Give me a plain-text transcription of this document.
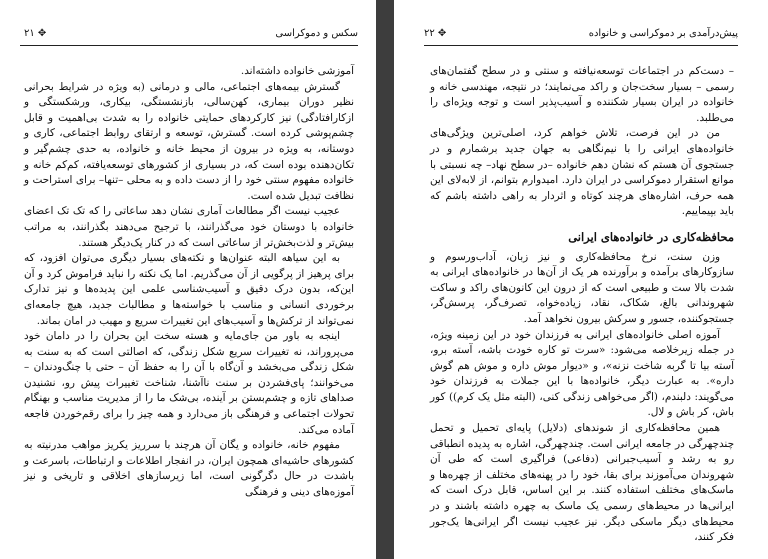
سکس و دموکراسی
✥ ۲۱

آموزشی خانواده داشته‌اند.

گسترش بیمه‌های اجتماعی، مالی و درمانی (به ویژه در شرایط بحرانی نظیر دوران بیماری، کهن‌سالی، بازنشستگی، بیکاری، ورشکستگی و ازکارافتادگی) نیز کارکردهای حمایتی خانواده را به شدت بی‌اهمیت و قابل چشم‌پوشی کرده است. گسترش، توسعه و ارتقای روابط اجتماعی، کاری و دوستانه، به ویژه در بیرون از محیط خانه و خانواده، به حدی چشم‌گیر و تکان‌دهنده بوده است که، در بسیاری از کشورهای توسعه‌یافته، کم‌کم خانه و خانواده مفهوم سنتی خود را از دست داده و به محلی –تنها– برای استراحت و نظافت تبدیل شده است.

عجیب نیست اگر مطالعات آماری نشان دهد ساعاتی را که تک تک اعضای خانواده با دوستان خود می‌گذرانند، با ترجیح می‌دهند بگذرانند، به مراتب بیش‌تر و لذت‌بخش‌تر از ساعاتی است که در کنار یک‌دیگر هستند.

به این سیاهه البته عنوان‌ها و نکته‌های بسیار دیگری می‌توان افزود، که برای پرهیز از پرگویی از آن می‌گذریم. اما یک نکته را نباید فراموش کرد و آن این‌که، بدون درک دقیق و آسیب‌شناسی علمی این پدیده‌ها و نیز تدارک برخوردی انسانی و مناسب با خواسته‌ها و مطالبات جدید، هیچ جامعه‌ای نمی‌تواند از ترکش‌ها و آسیب‌های این تغییرات سریع و مهیب در امان بماند.

اینجه به باور من جای‌مایه و هسته سخت این بحران را در دامان خود می‌پروراند، نه تغییرات سریع شکل زندگی، که اصالتی است که به سنت به شکل زندگی می‌بخشد و آن‌گاه با آن را به حفظ آن – حتی با چنگ‌ودندان – می‌خوانند؛ پای‌فشردن بر سنت ناآشنا، شناخت تغییرات پیش رو، نشنیدن صداهای تازه و چشم‌بستن بر آینده، بی‌شک ما را از مدیریت مناسب و بهنگام تحولات اجتماعی و فرهنگی باز می‌دارد و همه چیز را برای رقم‌خوردن فاجعه آماده می‌کند.

مفهوم خانه، خانواده و یگان آن هرچند با سرریز یکریز مواهب مدرنیته به کشورهای حاشیه‌ای همچون ایران، در انفجار اطلاعات و ارتباطات، باسرعت و باشدت در حال دگرگونی است، اما زیرسازهای اخلاقی و تاریخی و نیز آموزه‌های دینی و فرهنگی

پیش‌درآمدی بر دموکراسی و خانواده
✥ ۲۲

– دست‌کم در اجتماعات توسعه‌نیافته و سنتی و در سطح گفتمان‌های رسمی – بسیار سخت‌جان و راکد می‌نمایند؛ در نتیجه، مهندسی خانه و خانواده در ایران بسیار شکننده و آسیب‌پذیر است و توجه ویژه‌ای را می‌طلبد.

من در این فرصت، تلاش خواهم کرد، اصلی‌ترین ویژگی‌های خانواده‌های ایرانی را با نیم‌نگاهی به جهان جدید برشمارم و در جستجوی آن هستم که نشان دهم خانواده –در سطح نهاد– چه نسبتی با موانع استقرار دموکراسی در ایران دارد. امیدوارم بتوانم، از لابه‌لای این همه حرف، اشاره‌های هرچند کوتاه و اثر‌دار به راهی داشته باشم که باید بپیماییم.

محافظه‌کاری در خانواده‌های ایرانی

وزن سنت، نرخ محافظه‌کاری و نیز زبان، آداب‌ورسوم و سازوکارهای برآمده و برآورنده هر یک از آن‌ها در خانواده‌های ایرانی به شدت بالا ست و طبیعی است که از درون این کانون‌های راکد و ساکت شهروندانی بالغ، شکاک، نقاد، زیاده‌خواه، تصرف‌گر، پرسش‌گر، جستجوکننده، جسور و سرکش بیرون نخواهد آمد.

آموزه اصلی خانواده‌های ایرانی به فرزندان خود در این زمینه ویژه، در جمله زیرخلاصه می‌شود: «سرت تو کاره خودت باشه، آسته برو، آسته بیا تا گربه شاخت نزنه»، و «دیوار موش داره و موش هم گوش داره». به عبارت دیگر، خانواده‌ها با این جملات به فرزندان خود می‌گویند: دلبندم، (اگر می‌خواهی زندگی کنی، (البته مثل یک کرم)) کور باش، کر باش و لال.

همین محافظه‌کاری از شوندهای (دلایل) پایه‌ای تحمیل و تحمل چندچهرگی در جامعه ایرانی است. چندچهرگی، اشاره به پدیده انطباقی رو به رشد و آسیب‌جبرانی (دفاعی) فراگیری است که طی آن شهروندان می‌آموزند برای بقا، خود را در پهنه‌های مختلف از چهره‌ها و ماسک‌های مختلف استفاده کنند. بر این اساس، قابل درک است که ایرانی‌ها در محیط‌های رسمی یک ماسک به چهره داشته باشند و در محیط‌های دیگر ماسکی دیگر. نیز عجیب نیست اگر ایرانی‌ها یک‌جور فکر کنند،
